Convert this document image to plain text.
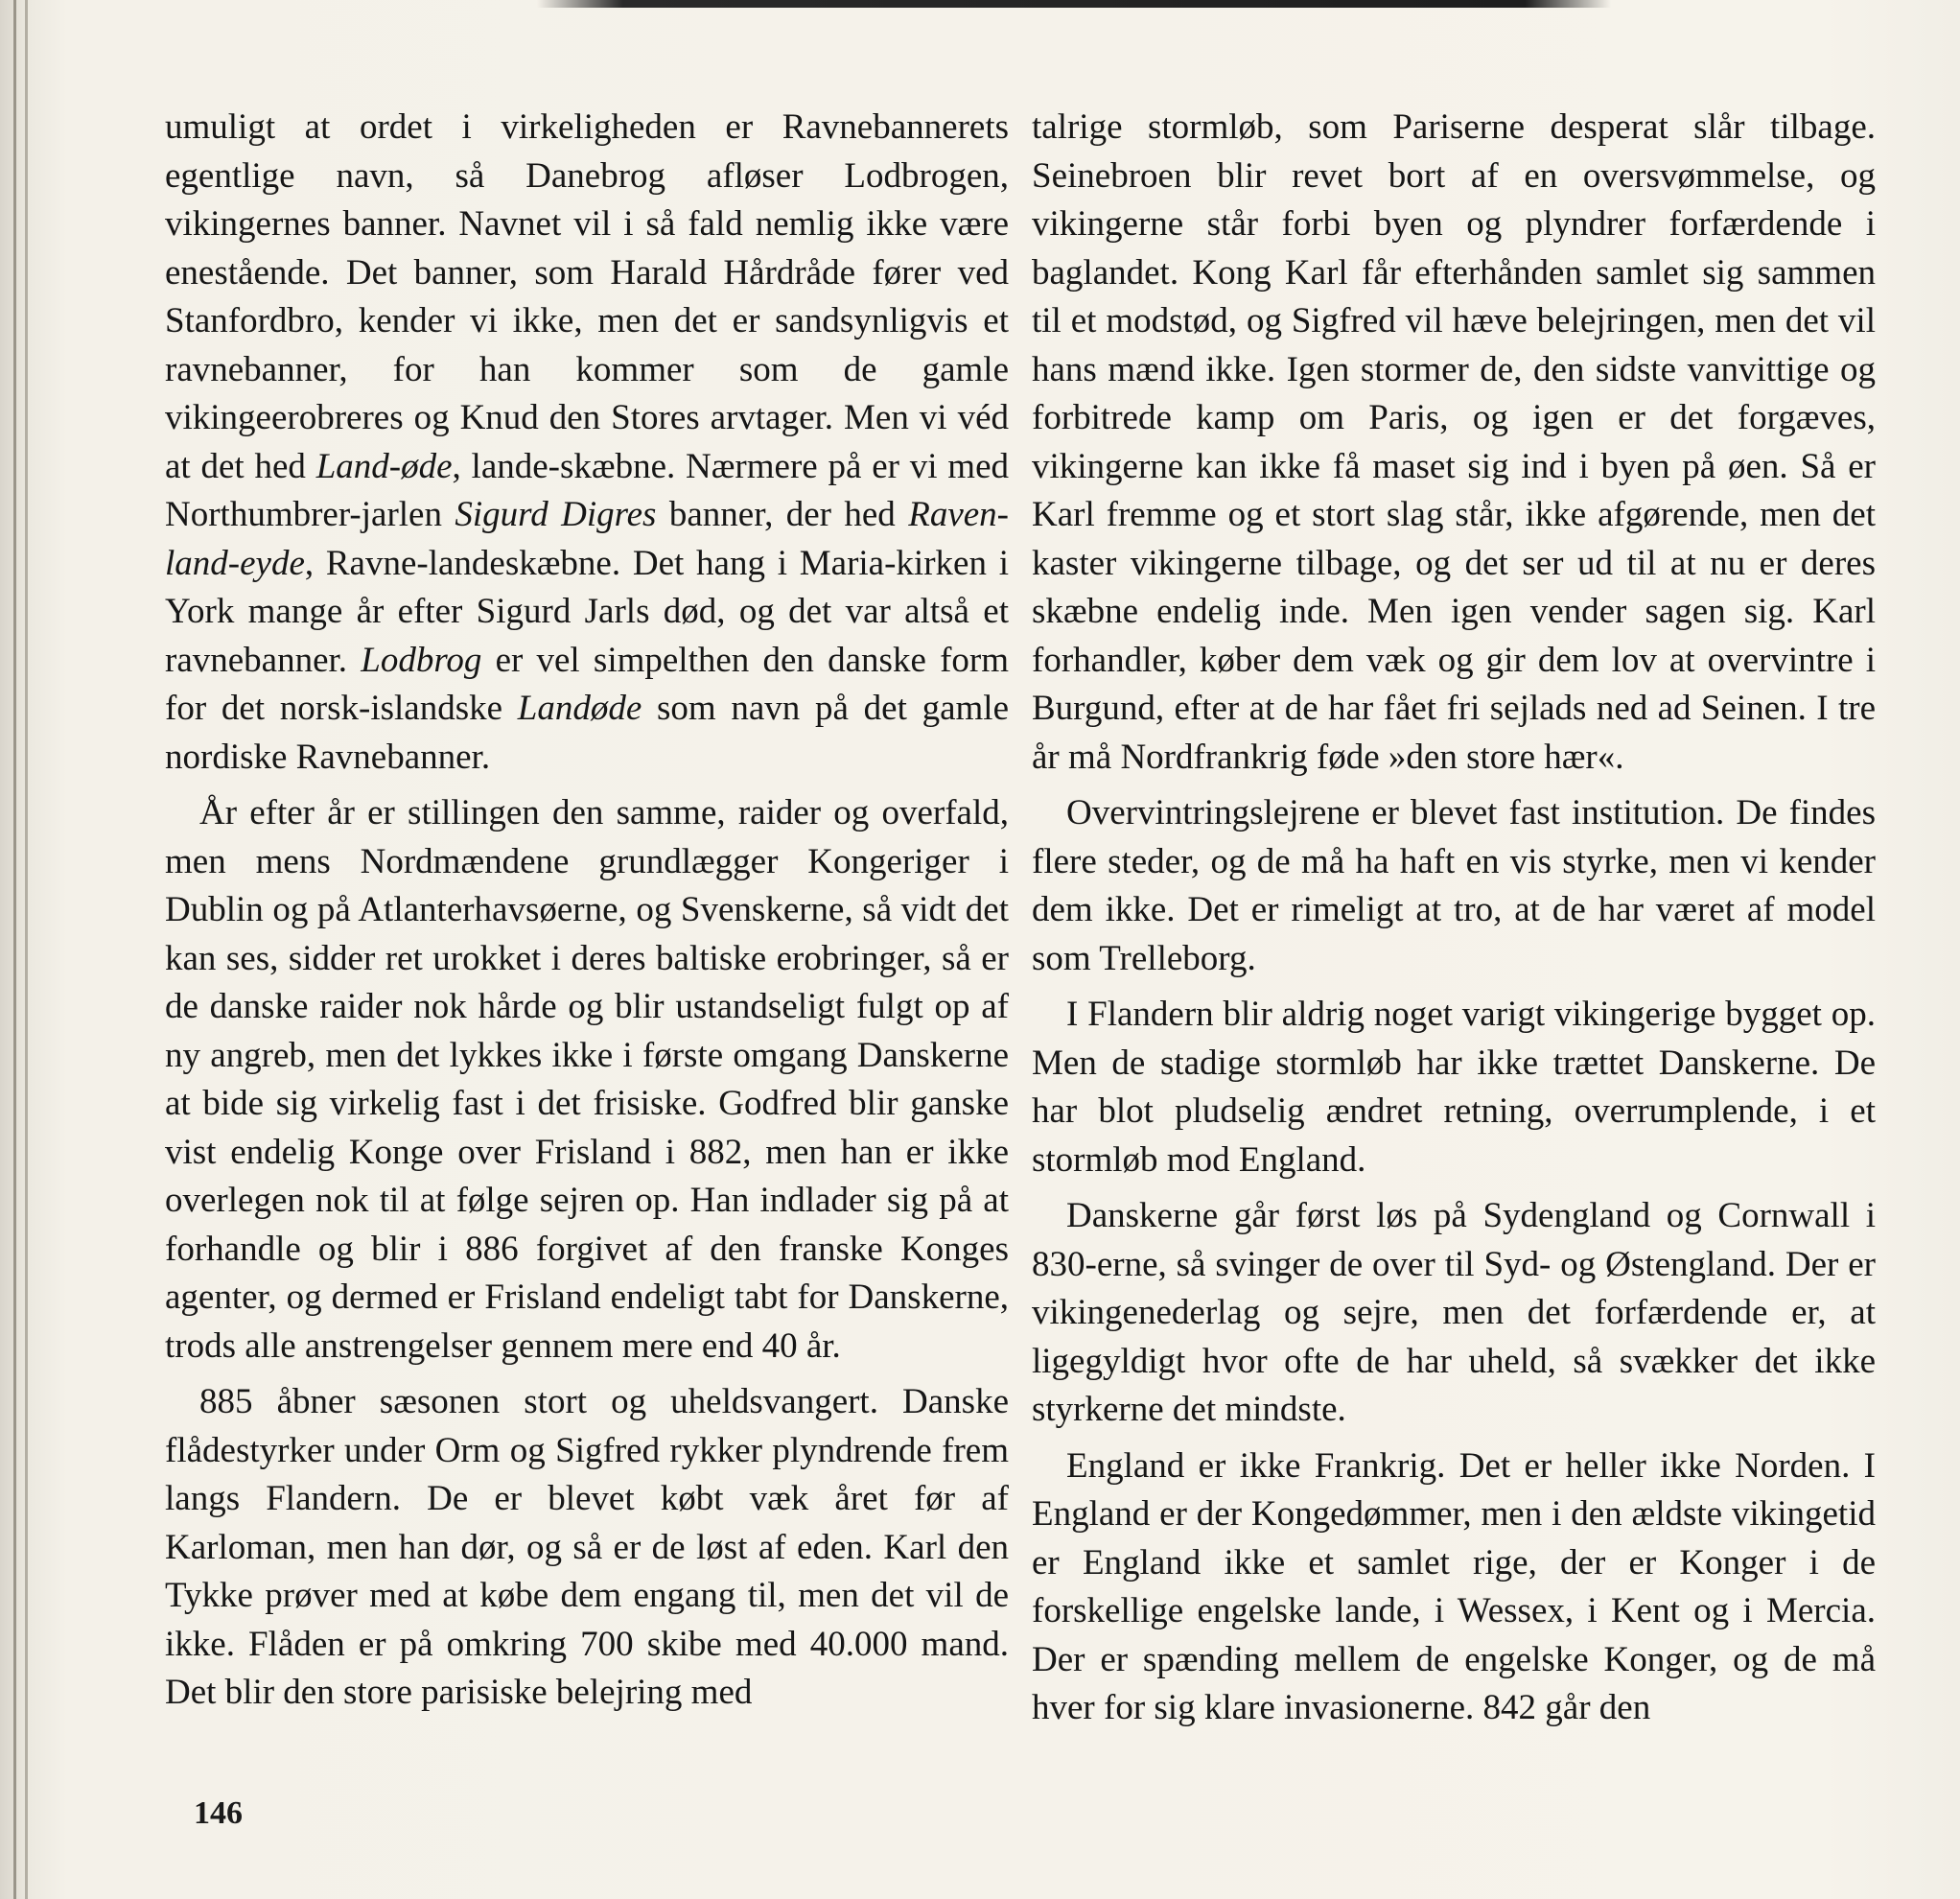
umuligt at ordet i virkeligheden er Ravnebannerets egentlige navn, så Danebrog afløser Lodbrogen, vikingernes banner. Navnet vil i så fald nemlig ikke være enestående. Det banner, som Harald Hårdråde fører ved Stanfordbro, kender vi ikke, men det er sandsynligvis et ravnebanner, for han kommer som de gamle vikingeerobreres og Knud den Stores arvtager. Men vi véd at det hed Land-øde, lande-skæbne. Nærmere på er vi med Northumbrer-jarlen Sigurd Digres banner, der hed Raven-land-eyde, Ravne-landeskæbne. Det hang i Maria-kirken i York mange år efter Sigurd Jarls død, og det var altså et ravnebanner. Lodbrog er vel simpelthen den danske form for det norsk-islandske Landøde som navn på det gamle nordiske Ravnebanner.

År efter år er stillingen den samme, raider og overfald, men mens Nordmændene grundlægger Kongeriger i Dublin og på Atlanterhavsøerne, og Svenskerne, så vidt det kan ses, sidder ret urokket i deres baltiske erobringer, så er de danske raider nok hårde og blir ustandseligt fulgt op af ny angreb, men det lykkes ikke i første omgang Danskerne at bide sig virkelig fast i det frisiske. Godfred blir ganske vist endelig Konge over Frisland i 882, men han er ikke overlegen nok til at følge sejren op. Han indlader sig på at forhandle og blir i 886 forgivet af den franske Konges agenter, og dermed er Frisland endeligt tabt for Danskerne, trods alle anstrengelser gennem mere end 40 år.

885 åbner sæsonen stort og uheldsvangert. Danske flådestyrker under Orm og Sigfred rykker plyndrende frem langs Flandern. De er blevet købt væk året før af Karloman, men han dør, og så er de løst af eden. Karl den Tykke prøver med at købe dem engang til, men det vil de ikke. Flåden er på omkring 700 skibe med 40.000 mand. Det blir den store parisiske belejring med

talrige stormløb, som Pariserne desperat slår tilbage. Seinebroen blir revet bort af en oversvømmelse, og vikingerne står forbi byen og plyndrer forfærdende i baglandet. Kong Karl får efterhånden samlet sig sammen til et modstød, og Sigfred vil hæve belejringen, men det vil hans mænd ikke. Igen stormer de, den sidste vanvittige og forbitrede kamp om Paris, og igen er det forgæves, vikingerne kan ikke få maset sig ind i byen på øen. Så er Karl fremme og et stort slag står, ikke afgørende, men det kaster vikingerne tilbage, og det ser ud til at nu er deres skæbne endelig inde. Men igen vender sagen sig. Karl forhandler, køber dem væk og gir dem lov at overvintre i Burgund, efter at de har fået fri sejlads ned ad Seinen. I tre år må Nordfrankrig føde »den store hær«.

Overvintringslejrene er blevet fast institution. De findes flere steder, og de må ha haft en vis styrke, men vi kender dem ikke. Det er rimeligt at tro, at de har været af model som Trelleborg.

I Flandern blir aldrig noget varigt vikingerige bygget op. Men de stadige stormløb har ikke trættet Danskerne. De har blot pludselig ændret retning, overrumplende, i et stormløb mod England.

Danskerne går først løs på Sydengland og Cornwall i 830-erne, så svinger de over til Syd- og Østengland. Der er vikingenederlag og sejre, men det forfærdende er, at ligegyldigt hvor ofte de har uheld, så svækker det ikke styrkerne det mindste.

England er ikke Frankrig. Det er heller ikke Norden. I England er der Kongedømmer, men i den ældste vikingetid er England ikke et samlet rige, der er Konger i de forskellige engelske lande, i Wessex, i Kent og i Mercia. Der er spænding mellem de engelske Konger, og de må hver for sig klare invasionerne. 842 går den

146
